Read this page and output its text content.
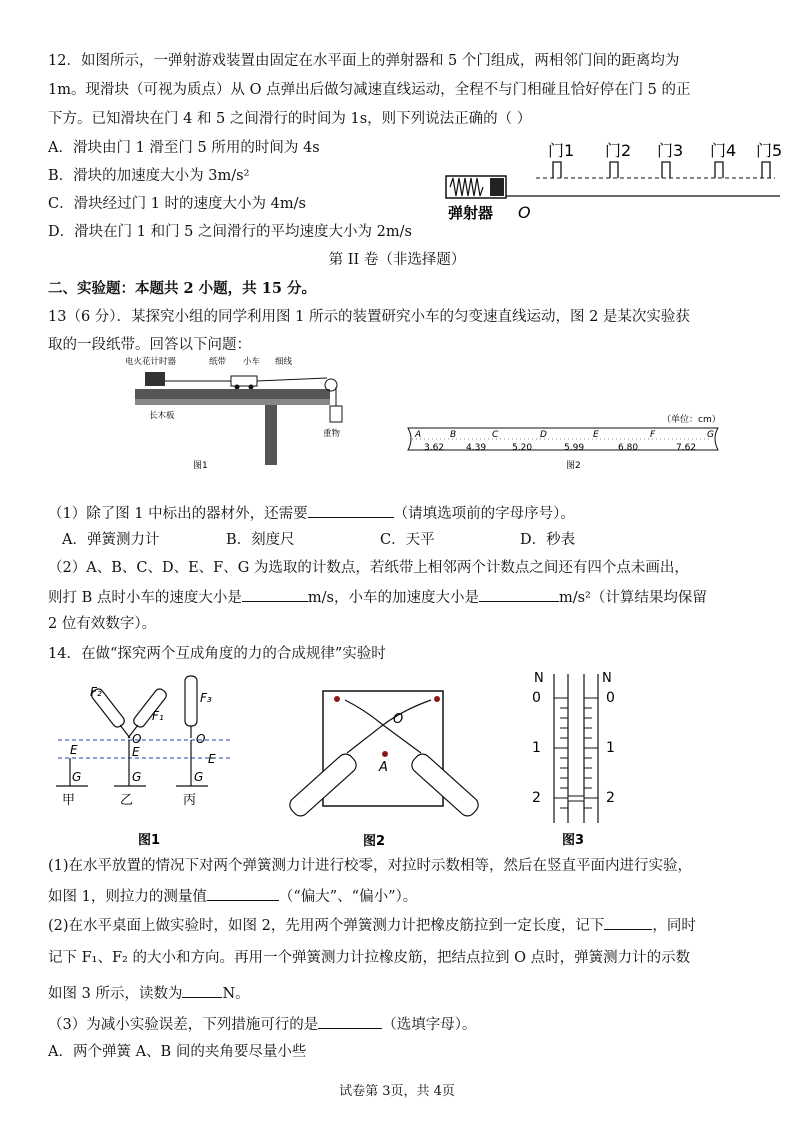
12．如图所示，一弹射游戏装置由固定在水平面上的弹射器和 5 个门组成，两相邻门间的距离均为
1m。现滑块（可视为质点）从 O 点弹出后做匀减速直线运动，全程不与门相碰且恰好停在门 5 的正
下方。已知滑块在门 4 和 5 之间滑行的时间为 1s，则下列说法正确的（ ）
A．滑块由门 1 滑至门 5 所用的时间为 4s
B．滑块的加速度大小为 3m/s²
C．滑块经过门 1 时的速度大小为 4m/s
D．滑块在门 1 和门 5 之间滑行的平均速度大小为 2m/s
门1 门2 门3 门4 门5
弹射器 O
第 II 卷（非选择题）
二、实验题：本题共 2 小题，共 15 分。
13（6 分）．某探究小组的同学利用图 1 所示的装置研究小车的匀变速直线运动，图 2 是某次实验获
取的一段纸带。回答以下问题：
电火花计时器	纸带 小车 细线
长木板
重物
图1
（单位：cm）
A	B	C	D	E	F	G
3.62 4.39	5.20	5.99	6.80	7.62
图2
（1）除了图 1 中标出的器材外，还需要	（请填选项前的字母序号）。
A．弹簧测力计	B．刻度尺	C．天平	D．秒表
（2）A、B、C、D、E、F、G 为选取的计数点，若纸带上相邻两个计数点之间还有四个点未画出，
则打 B 点时小车的速度大小是	m/s，小车的加速度大小是	m/s²（计算结果均保留
2 位有效数字）。
14．在做“探究两个互成角度的力的合成规律”实验时
F₂
F₁
F₃
O	O
E	E	E
G	G	G
甲	乙	丙
图1
O
A
图2
N	N
0	0
1	1
2	2
图3
(1)在水平放置的情况下对两个弹簧测力计进行校零，对拉时示数相等，然后在竖直平面内进行实验，
如图 1，则拉力的测量值	（“偏大”、“偏小”）。
(2)在水平桌面上做实验时，如图 2，先用两个弹簧测力计把橡皮筋拉到一定长度，记下	，同时
记下 F₁、F₂ 的大小和方向。再用一个弹簧测力计拉橡皮筋，把结点拉到 O 点时，弹簧测力计的示数
如图 3 所示，读数为	N。
（3）为减小实验误差，下列措施可行的是	（选填字母）。
A．两个弹簧 A、B 间的夹角要尽量小些
试卷第 3页，共 4页
